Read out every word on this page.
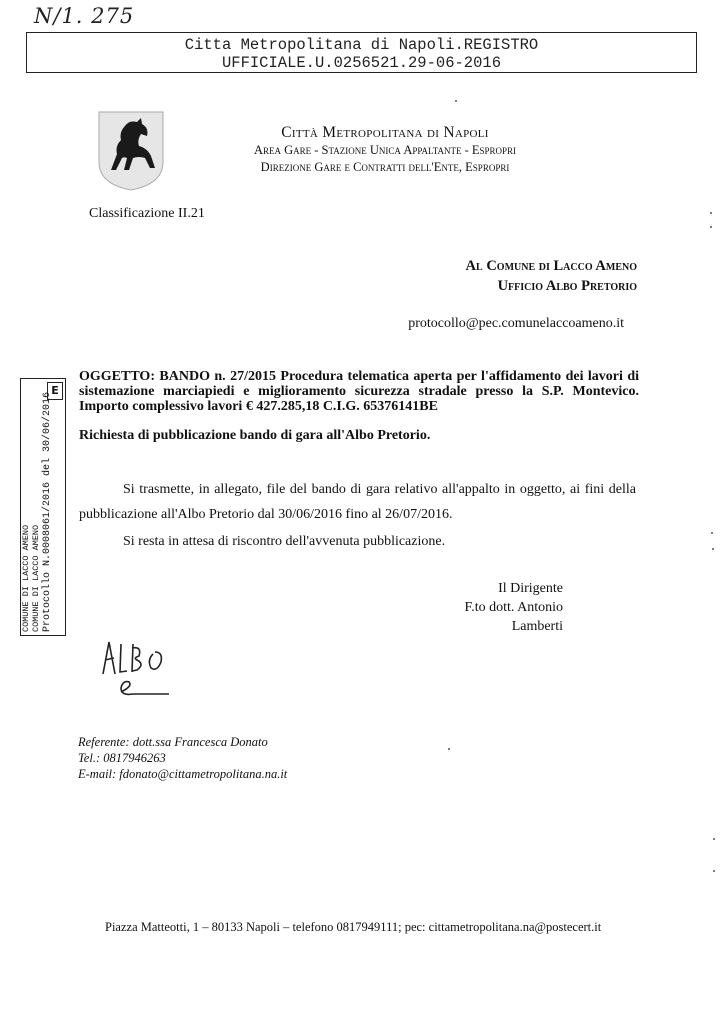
N/1. 275
Citta Metropolitana di Napoli.REGISTRO
UFFICIALE.U.0256521.29-06-2016
Città Metropolitana di Napoli
Area Gare - Stazione Unica Appaltante - Espropri
Direzione Gare e Contratti dell'Ente, Espropri
Classificazione II.21
Al Comune di Lacco Ameno
Ufficio Albo Pretorio
protocollo@pec.comunelaccoameno.it
OGGETTO: BANDO n. 27/2015 Procedura telematica aperta per l'affidamento dei lavori di sistemazione marciapiedi e miglioramento sicurezza stradale presso la S.P. Montevico. Importo complessivo lavori € 427.285,18 C.I.G. 65376141BE
Richiesta di pubblicazione bando di gara all'Albo Pretorio.
Si trasmette, in allegato, file del bando di gara relativo all'appalto in oggetto, ai fini della pubblicazione all'Albo Pretorio dal 30/06/2016 fino al 26/07/2016.
Si resta in attesa di riscontro dell'avvenuta pubblicazione.
Il Dirigente
F.to dott. Antonio Lamberti
E
COMUNE DI LACCO AMENO COMUNE DI LACCO AMENO Protocollo N.0008061/2016 del 30/06/2016
Referente: dott.ssa Francesca Donato
Tel.: 0817946263
E-mail: fdonato@cittametropolitana.na.it
Piazza Matteotti, 1 – 80133 Napoli – telefono 0817949111; pec: cittametropolitana.na@postecert.it
